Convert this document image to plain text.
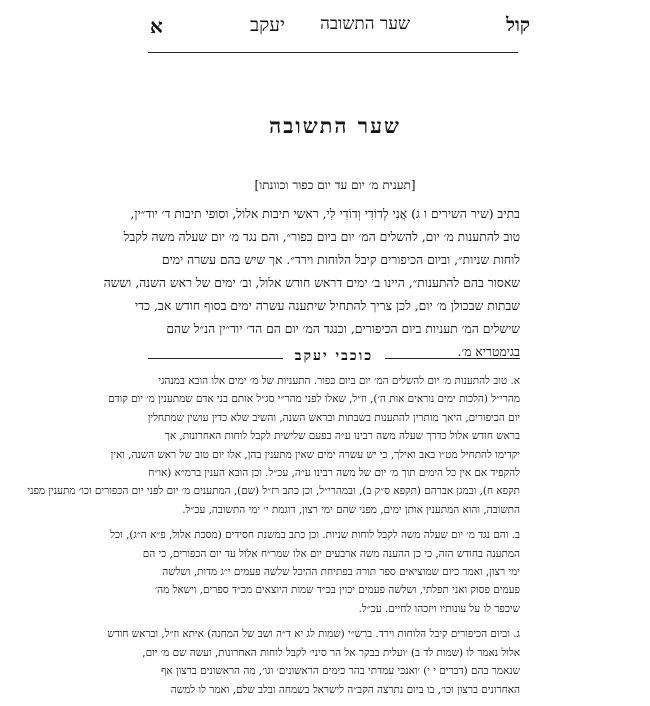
קול
שער התשובה
יעקב
א
שער התשובה
[תענית מ׳ יום עד יום כפור וכוונתו]
בתיב (שיר השירים ו ג) אֲנִי לְדוֹדִי וְדוֹדִי לִי, ראשי תיבות אלול, וסופי תיבות ד׳ יוד״ין,
טוב להתענות מ׳ יום, להשלים המ׳ יום ביום כפור״, והם נגד מ׳ יום שעלה משה לקבל
לוחות שניות״, וביום הכיפורים קיבל הלוחות וירד״. אך שיש בהם עשרה ימים
שאסור בהם להתענות״, היינו ב׳ ימים דראש חודש אלול, וב׳ ימים של ראש השנה, וששה
שבתות שבכולן מ׳ יום, לכן צריך להתחיל שיתענה עשרה ימים בסוף חודש אב, כדי
שישלים המ׳ תעניות ביום הכיפורים, וכנגד המ׳ יום הם הד׳ יוד״ין הנ״ל שהם
בגימטריא מ׳.
כוכבי יעקב
א. טוב להתענות מ׳ יום להשלים המ׳ יום ביום כפור. התעניות של מ׳ ימים אלו הובא במנהגי
מהרי״ל (הלכות ימים נוראים אות ה׳), וז״ל, שאלו לפני מהר״י סג״ל אותם בני אדם שמתענין מ׳ יום קודם
יום הכיפורים, היאך מותרין להתענות בשבתות ובראש השנה, והשיב שלא כדין עושין שמתחלין
בראש חודש אלול כדרך שעלה משה רבינו ע״ה בפעם שלישית לקבל לוחות האחרונות, אך
יקדימו להתחיל מט״ו באב ואילך, כי יש עשרה ימים שאין מתענין בהן, אלו יום טוב של ראש השנה, ואין
להקפיד אם אין כל הימים תוך מ׳ יום של משה רבינו ע״ה, עכ״ל. וכן הובא הענין ברמ״א (או״ח
תקפא ח), ובמגן אברהם (תקפא ס״ק ב), ובמהרי״ל, וכן כתב רז״ל (שם), המתענים מ׳ יום לפני יום הכפורים וכו׳ מתענין מפני
התשובה, והוא המתענין אותן ימים, מפני שהם ימי רצון, דוגמת י׳ ימי התשובה, עכ״ל.
ב. והם נגד מ׳ יום שעלה משה לקבל לוחות שניות. וכן כתב במשנת חסידים (מסכת אלול, פ״א ה״ג), וכל
המתענה בחודש הזה, כי כן ההענה משה ארבעים יום אלו שמר״ח אלול עד יום הכפורים, כי הם
ימי רצון, ואמר כיום שמוציאים ספר תורה בפתיחת ההיכל שלשה פעמים י״ג מדות, ושלשה
פעמים פסוק ואני תפלתי, ושלשה פעמים יכוין בכ״ד שמות היוצאים מכ״ד ספרים, וישאל מה׳
שיכפר לו על עונותיו ויזכהו לחיים. עכ״ל.
ג. וביום הכיפורים קיבל הלוחות וירד. ברש״י (שמות לג יא ד״ה ושב של המחנה) איתא וז״ל, ובראש חודש
אלול נאמר לו (שמות לד ב) ׳ועלית בבקר אל הר סיני׳ לקבל לוחות האחרונות, ועשה שם מ׳ יום,
שנאמר בהם (דברים י י) ׳ואנכי עמדתי בהר כימים הראשונים׳ וגו׳, מה הראשונים ברצון אף
האחרונים ברצון וכו׳, בו ביום נתרצה הקב״ה לישראל בשמחה ובלב שלם, ואמר לו למשה
